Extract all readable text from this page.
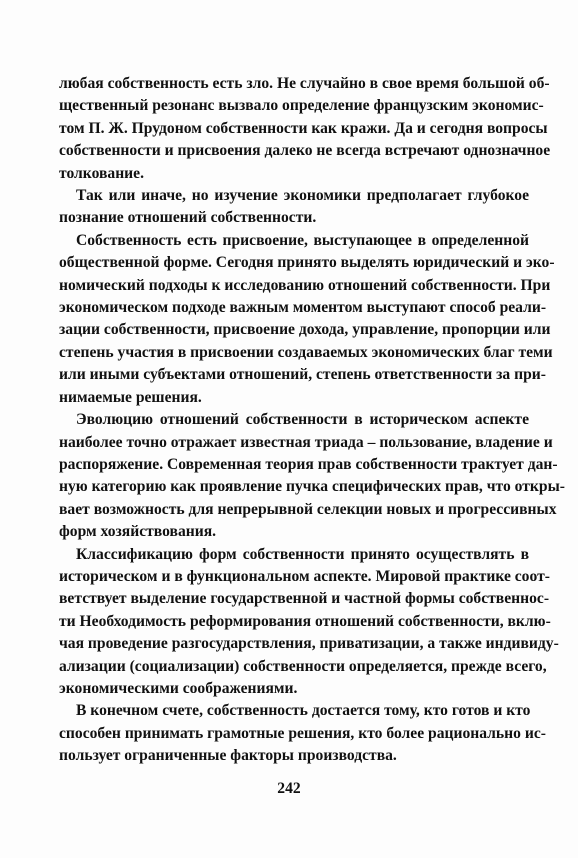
любая собственность есть зло. Не случайно в свое время большой об-
щественный резонанс вызвало определение французским экономис-
том П. Ж. Прудоном собственности как кражи. Да и сегодня вопросы
собственности и присвоения далеко не всегда встречают однозначное
толкование.
Так или иначе, но изучение экономики предполагает глубокое
познание отношений собственности.
Собственность есть присвоение, выступающее в определенной
общественной форме. Сегодня принято выделять юридический и эко-
номический подходы к исследованию отношений собственности. При
экономическом подходе важным моментом выступают способ реали-
зации собственности, присвоение дохода, управление, пропорции или
степень участия в присвоении создаваемых экономических благ теми
или иными субъектами отношений, степень ответственности за при-
нимаемые решения.
Эволюцию отношений собственности в историческом аспекте
наиболее точно отражает известная триада – пользование, владение и
распоряжение. Современная теория прав собственности трактует дан-
ную категорию как проявление пучка специфических прав, что откры-
вает возможность для непрерывной селекции новых и прогрессивных
форм хозяйствования.
Классификацию форм собственности принято осуществлять в
историческом и в функциональном аспекте. Мировой практике соот-
ветствует выделение государственной и частной формы собственнос-
ти Необходимость реформирования отношений собственности, вклю-
чая проведение разгосударствления, приватизации, а также индивиду-
ализации (социализации) собственности определяется, прежде всего,
экономическими соображениями.
В конечном счете, собственность достается тому, кто готов и кто
способен принимать грамотные решения, кто более рационально ис-
пользует ограниченные факторы производства.
242
